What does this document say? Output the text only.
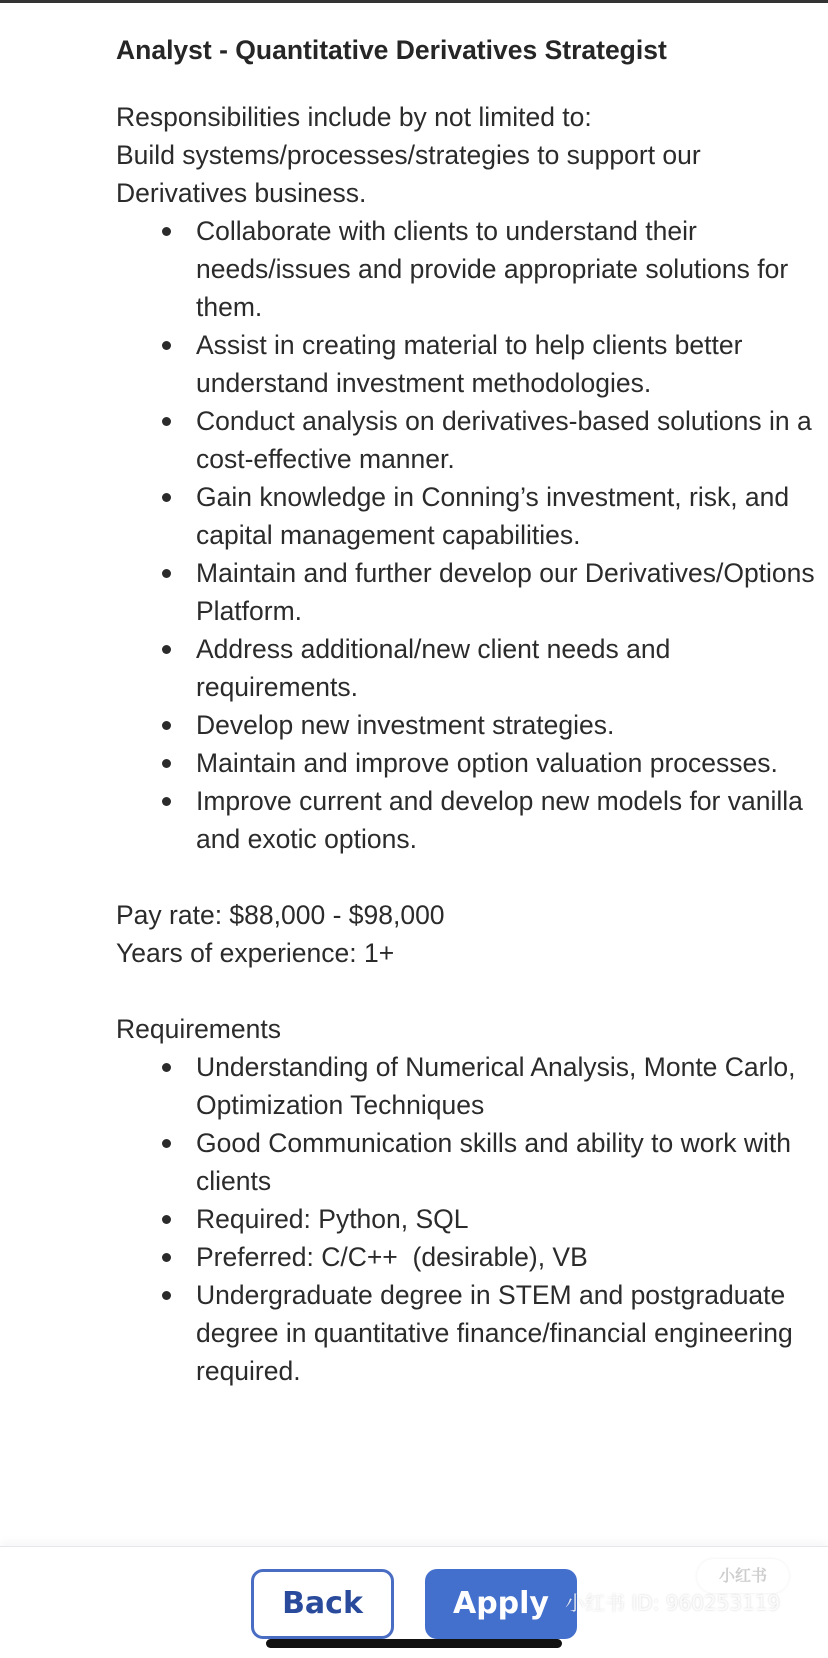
Analyst - Quantitative Derivatives Strategist

Responsibilities include by not limited to:

Build systems/processes/strategies to support our Derivatives business.

Collaborate with clients to understand their needs/issues and provide appropriate solutions for them.
Assist in creating material to help clients better understand investment methodologies.
Conduct analysis on derivatives-based solutions in a cost-effective manner.
Gain knowledge in Conning’s investment, risk, and capital management capabilities.
Maintain and further develop our Derivatives/Options Platform.
Address additional/new client needs and requirements.
Develop new investment strategies.
Maintain and improve option valuation processes.
Improve current and develop new models for vanilla and exotic options.

Pay rate: $88,000 - $98,000

Years of experience: 1+

Requirements

Understanding of Numerical Analysis, Monte Carlo, Optimization Techniques
Good Communication skills and ability to work with clients
Required: Python, SQL
Preferred: C/C++  (desirable), VB
Undergraduate degree in STEM and postgraduate degree in quantitative finance/financial engineering required.
Back	Apply
小红书
小红书 ID: 960253119
